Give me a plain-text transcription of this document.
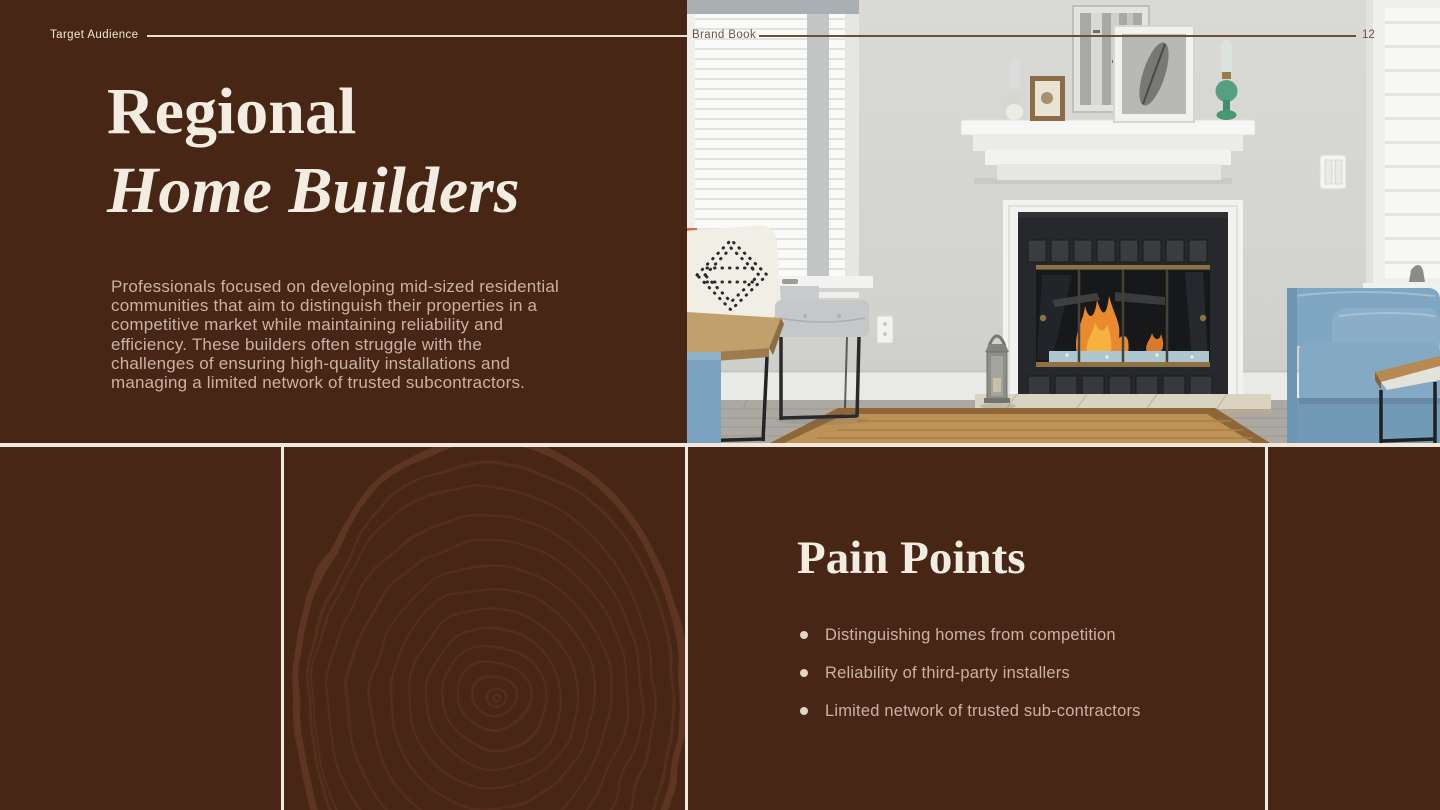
Target Audience	Brand Book	12
Regional
Home Builders

Professionals focused on developing mid-sized residential communities that aim to distinguish their properties in a competitive market while maintaining reliability and efficiency. These builders often struggle with the challenges of ensuring high-quality installations and managing a limited network of trusted subcontractors.

Pain Points
Distinguishing homes from competition
Reliability of third-party installers
Limited network of trusted sub-contractors
